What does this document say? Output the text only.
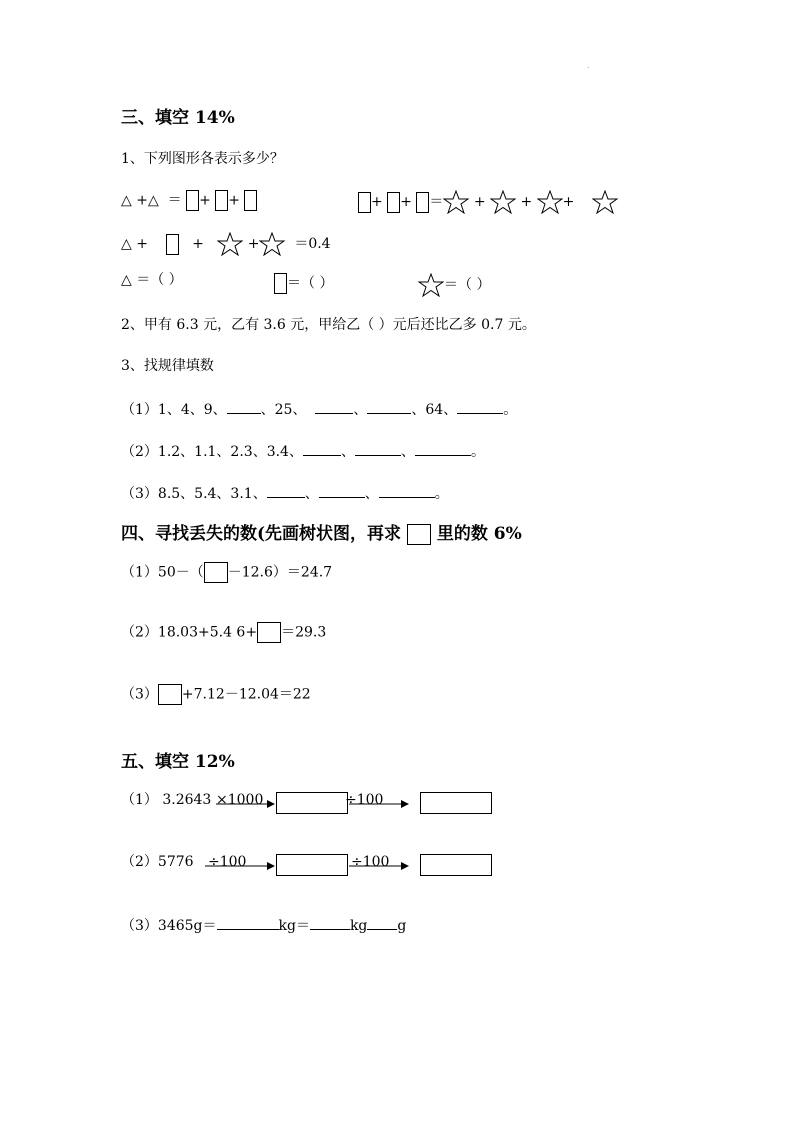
.
三、填空 14%
1、下列图形各表示多少？
△ +△ ＝ + +	+ + ＝ + + +
△ +	+	+ ＝0.4
△ ＝（ ）	＝（ ）	＝（ ）
2、甲有 6.3 元，乙有 3.6 元，甲给乙（ ）元后还比乙多 0.7 元。
3、找规律填数
（1）1、4、9、 、25、	、	、64、	。
（2）1.2、1.1、2.3、3.4、	、	、	。
（3）8.5、5.4、3.1、	、	、	。
四、寻找丢失的数(先画树状图，再求 里的数 6%
（1）50－（ －12.6）＝24.7
（2）18.03+5.4 6+ ＝29.3
（3） +7.12－12.04＝22
五、填空 12%
（1） 3.2643 ×1000	÷100
（2）5776 ÷100	÷100
（3）3465g＝	kg＝	kg g
